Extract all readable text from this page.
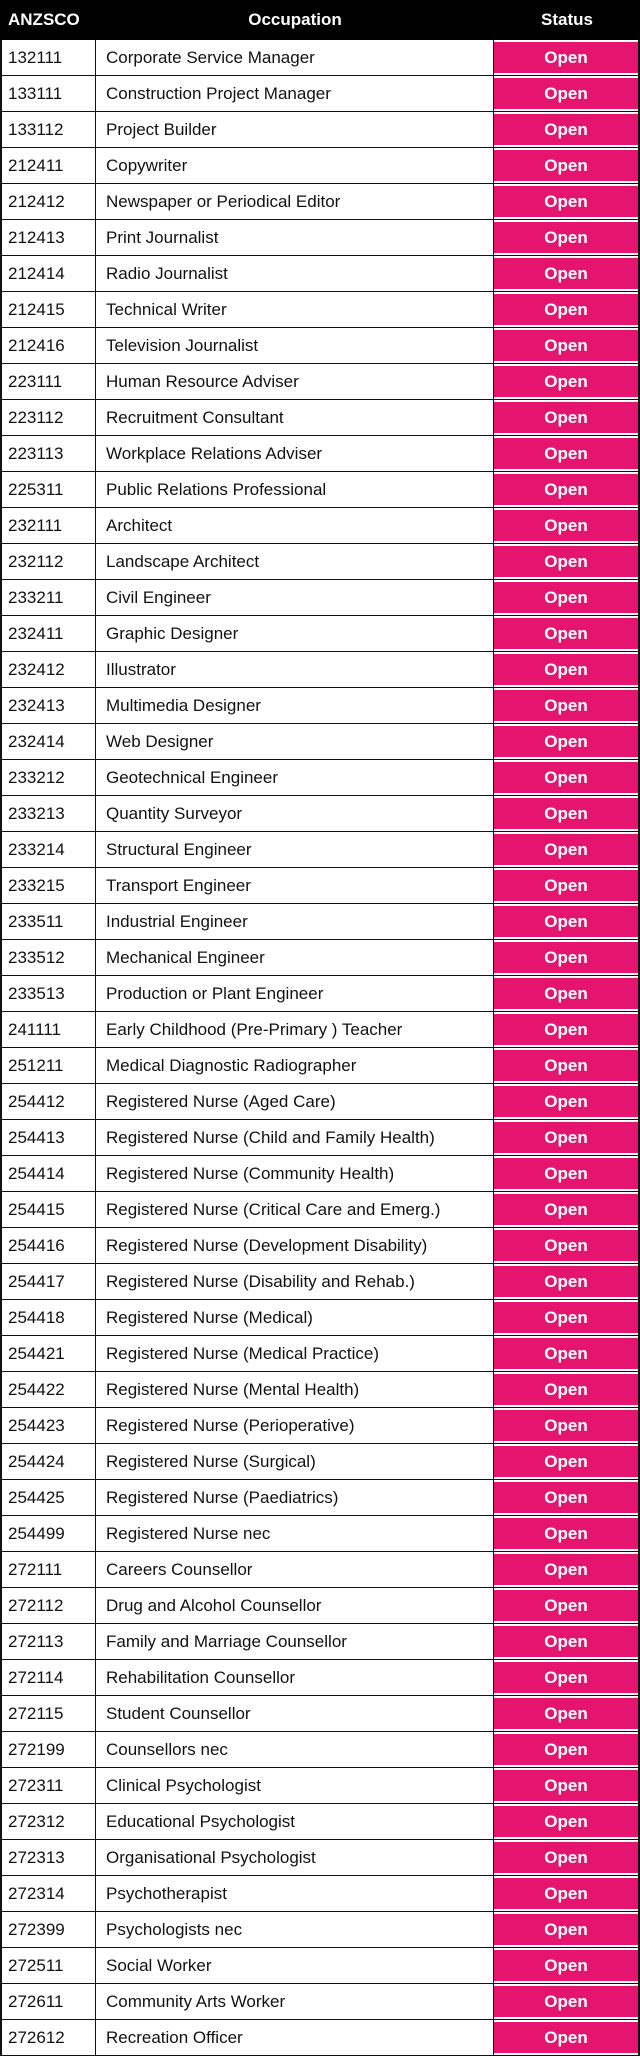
ANZSCO	Occupation	Status
132111	Corporate Service Manager	Open
133111	Construction Project Manager	Open
133112	Project Builder	Open
212411	Copywriter	Open
212412	Newspaper or Periodical Editor	Open
212413	Print Journalist	Open
212414	Radio Journalist	Open
212415	Technical Writer	Open
212416	Television Journalist	Open
223111	Human Resource Adviser	Open
223112	Recruitment Consultant	Open
223113	Workplace Relations Adviser	Open
225311	Public Relations Professional	Open
232111	Architect	Open
232112	Landscape Architect	Open
233211	Civil Engineer	Open
232411	Graphic Designer	Open
232412	Illustrator	Open
232413	Multimedia Designer	Open
232414	Web Designer	Open
233212	Geotechnical Engineer	Open
233213	Quantity Surveyor	Open
233214	Structural Engineer	Open
233215	Transport Engineer	Open
233511	Industrial Engineer	Open
233512	Mechanical Engineer	Open
233513	Production or Plant Engineer	Open
241111	Early Childhood (Pre-Primary ) Teacher	Open
251211	Medical Diagnostic Radiographer	Open
254412	Registered Nurse (Aged Care)	Open
254413	Registered Nurse (Child and Family Health)	Open
254414	Registered Nurse (Community Health)	Open
254415	Registered Nurse (Critical Care and Emerg.)	Open
254416	Registered Nurse (Development Disability)	Open
254417	Registered Nurse (Disability and Rehab.)	Open
254418	Registered Nurse (Medical)	Open
254421	Registered Nurse (Medical Practice)	Open
254422	Registered Nurse (Mental Health)	Open
254423	Registered Nurse (Perioperative)	Open
254424	Registered Nurse (Surgical)	Open
254425	Registered Nurse (Paediatrics)	Open
254499	Registered Nurse nec	Open
272111	Careers Counsellor	Open
272112	Drug and Alcohol Counsellor	Open
272113	Family and Marriage Counsellor	Open
272114	Rehabilitation Counsellor	Open
272115	Student Counsellor	Open
272199	Counsellors nec	Open
272311	Clinical Psychologist	Open
272312	Educational Psychologist	Open
272313	Organisational Psychologist	Open
272314	Psychotherapist	Open
272399	Psychologists nec	Open
272511	Social Worker	Open
272611	Community Arts Worker	Open
272612	Recreation Officer	Open
